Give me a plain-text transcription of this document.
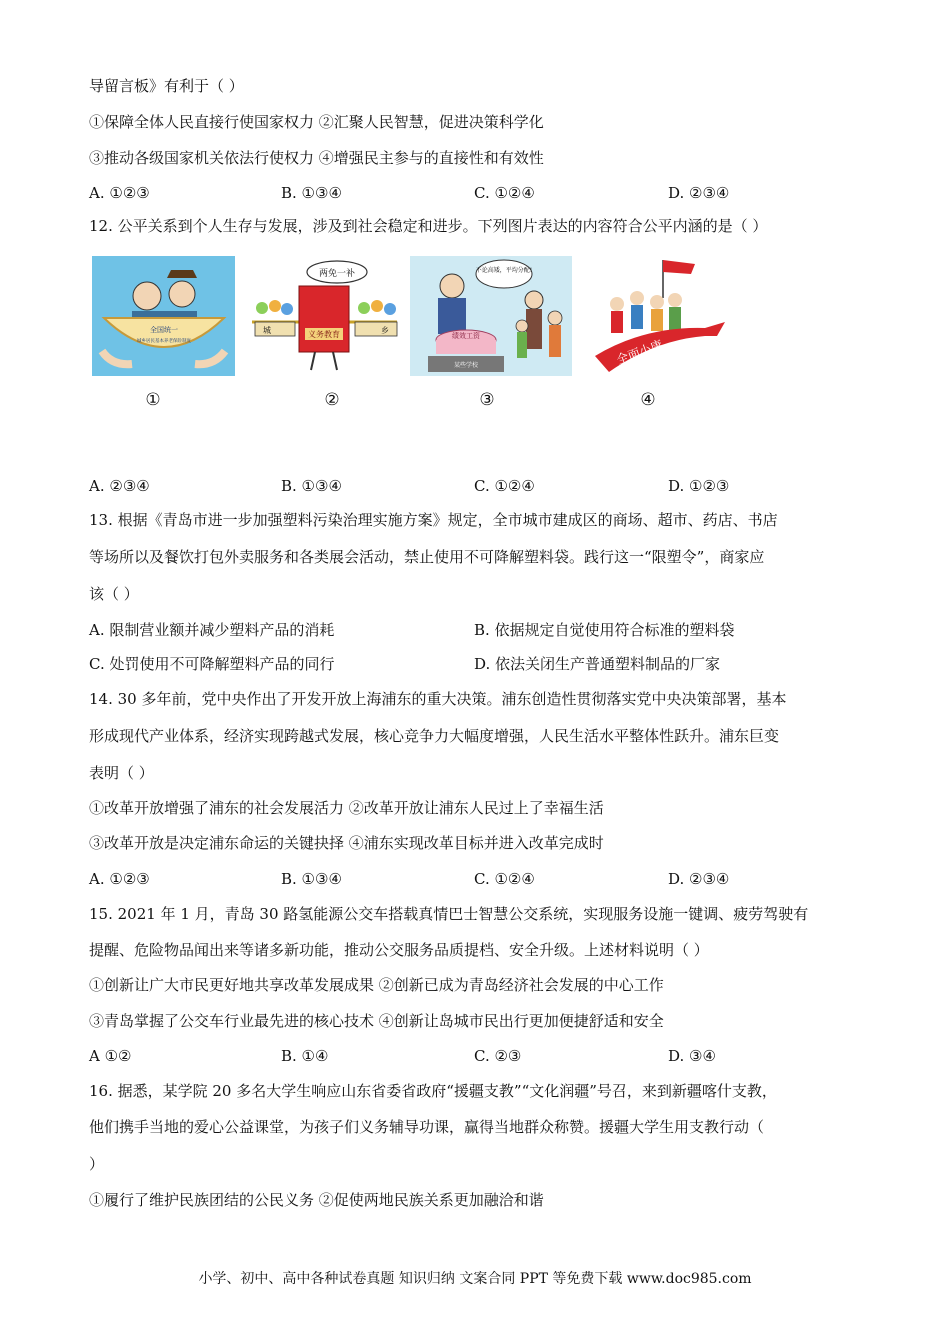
导留言板》有利于（ ）
①保障全体人民直接行使国家权力 ②汇聚人民智慧，促进决策科学化
③推动各级国家机关依法行使权力 ④增强民主参与的直接性和有效性
A. ①②③	B. ①③④	C. ①②④	D. ②③④
12. 公平关系到个人生存与发展，涉及到社会稳定和进步。下列图片表达的内容符合公平内涵的是（ ）
全国统一
城乡居民基本养老保险制度
①
两免一补
义务教育
城	乡
②
不论高矮，平均分配!
绩效工资
某些学校
③
全面小康
④
A. ②③④	B. ①③④	C. ①②④	D. ①②③
13. 根据《青岛市进一步加强塑料污染治理实施方案》规定，全市城市建成区的商场、超市、药店、书店
等场所以及餐饮打包外卖服务和各类展会活动，禁止使用不可降解塑料袋。践行这一“限塑令”，商家应
该（ ）
A. 限制营业额并减少塑料产品的消耗	B. 依据规定自觉使用符合标准的塑料袋
C. 处罚使用不可降解塑料产品的同行	D. 依法关闭生产普通塑料制品的厂家
14. 30 多年前，党中央作出了开发开放上海浦东的重大决策。浦东创造性贯彻落实党中央决策部署，基本
形成现代产业体系，经济实现跨越式发展，核心竞争力大幅度增强，人民生活水平整体性跃升。浦东巨变
表明（ ）
①改革开放增强了浦东的社会发展活力 ②改革开放让浦东人民过上了幸福生活
③改革开放是决定浦东命运的关键抉择 ④浦东实现改革目标并进入改革完成时
A. ①②③	B. ①③④	C. ①②④	D. ②③④
15. 2021 年 1 月，青岛 30 路氢能源公交车搭载真情巴士智慧公交系统，实现服务设施一键调、疲劳驾驶有
提醒、危险物品闻出来等诸多新功能，推动公交服务品质提档、安全升级。上述材料说明（ ）
①创新让广大市民更好地共享改革发展成果 ②创新已成为青岛经济社会发展的中心工作
③青岛掌握了公交车行业最先进的核心技术 ④创新让岛城市民出行更加便捷舒适和安全
A ①②	B. ①④	C. ②③	D. ③④
16. 据悉，某学院 20 多名大学生响应山东省委省政府“援疆支教”“文化润疆”号召，来到新疆喀什支教，
他们携手当地的爱心公益课堂，为孩子们义务辅导功课，赢得当地群众称赞。援疆大学生用支教行动（
）
①履行了维护民族团结的公民义务 ②促使两地民族关系更加融洽和谐
小学、初中、高中各种试卷真题 知识归纳 文案合同 PPT 等免费下载 www.doc985.com
